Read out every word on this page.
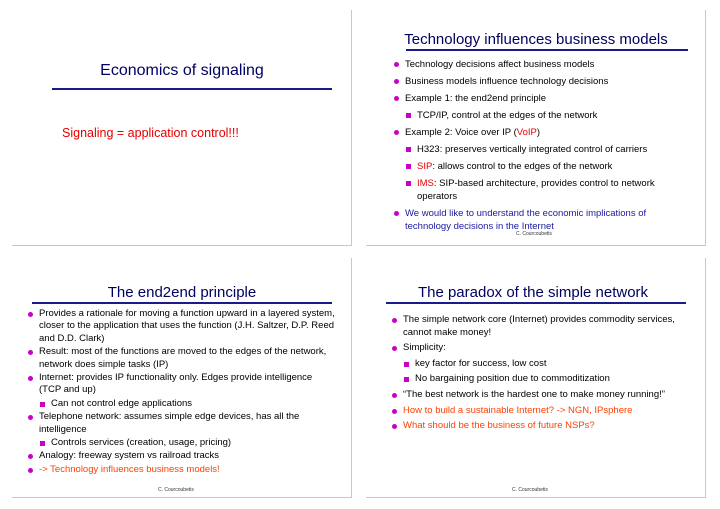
Economics of signaling
Signaling = application control!!!
Technology influences business models
Technology decisions affect business models
Business models influence technology decisions
Example 1: the end2end principle
TCP/IP, control at the edges of the network
Example 2: Voice over IP (VoIP)
H323: preserves vertically integrated control of carriers
SIP: allows control to the edges of the network
IMS: SIP-based architecture, provides control to network operators
We would like to understand the economic implications of technology decisions in the Internet
C. Courcoubetis
The end2end principle
Provides a rationale for moving a function upward in a layered system, closer to the application that uses the function (J.H. Saltzer, D.P. Reed and D.D. Clark)
Result: most of the functions are moved to the edges of the network, network does simple tasks (IP)
Internet: provides IP functionality only. Edges provide intelligence (TCP and up)
Can not control edge applications
Telephone network: assumes simple edge devices, has all the intelligence
Controls services (creation, usage, pricing)
Analogy: freeway system vs railroad tracks
-> Technology influences business models!
C. Courcoubetis
The paradox of the simple network
The simple network core (Internet) provides commodity services, cannot make money!
Simplicity:
key factor for success, low cost
No bargaining position due to commoditization
“The best network is the hardest one to make money running!”
How to build a sustainable Internet? -> NGN, IPsphere
What should be the business of future NSPs?
C. Courcoubetis
